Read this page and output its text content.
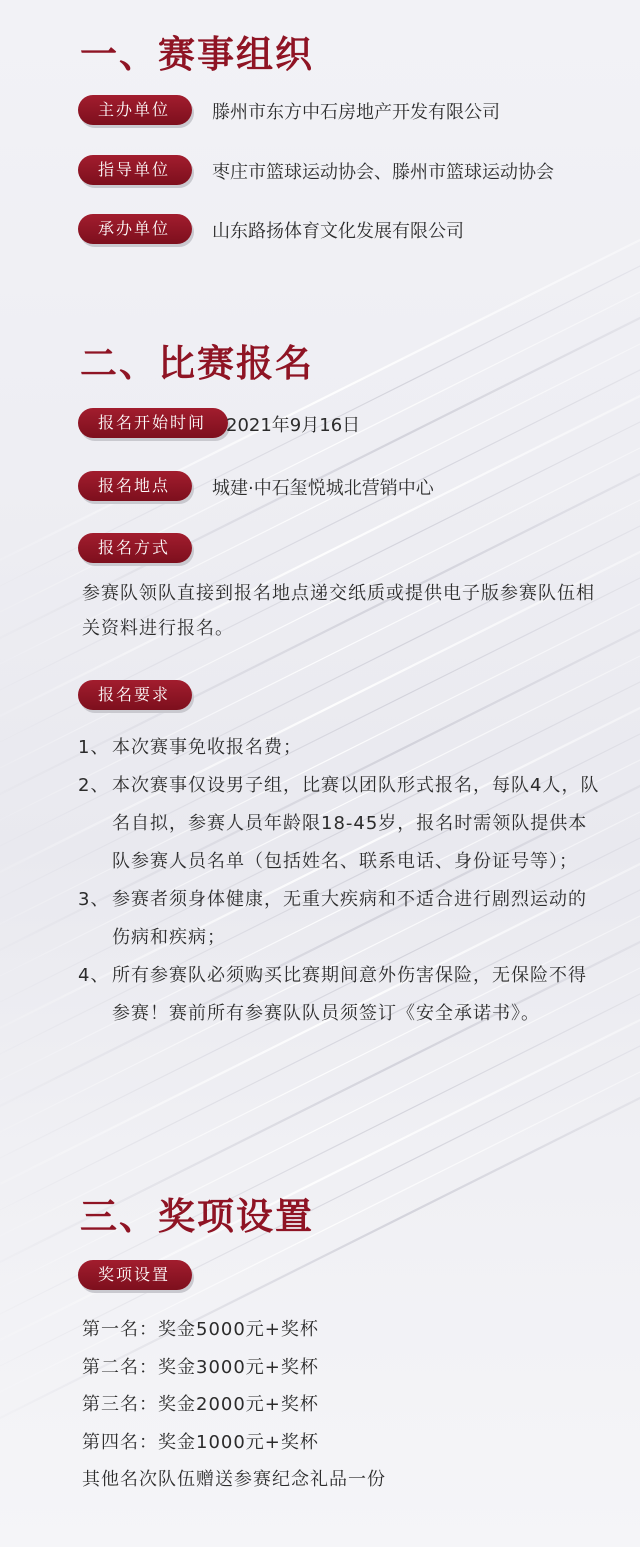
一、赛事组织
主办单位	滕州市东方中石房地产开发有限公司
指导单位	枣庄市篮球运动协会、滕州市篮球运动协会
承办单位	山东路扬体育文化发展有限公司
二、比赛报名
报名开始时间	2021年9月16日
报名地点	城建·中石玺悦城北营销中心
报名方式

参赛队领队直接到报名地点递交纸质或提供电子版参赛队伍相关资料进行报名。

报名要求
1、 本次赛事免收报名费；
2、 本次赛事仅设男子组，比赛以团队形式报名，每队4人，队名自拟，参赛人员年龄限18-45岁，报名时需领队提供本队参赛人员名单（包括姓名、联系电话、身份证号等）；
3、 参赛者须身体健康，无重大疾病和不适合进行剧烈运动的伤病和疾病；
4、 所有参赛队必须购买比赛期间意外伤害保险，无保险不得参赛！赛前所有参赛队队员须签订《安全承诺书》。
三、奖项设置
奖项设置
第一名：奖金5000元+奖杯
第二名：奖金3000元+奖杯
第三名：奖金2000元+奖杯
第四名：奖金1000元+奖杯
其他名次队伍赠送参赛纪念礼品一份
